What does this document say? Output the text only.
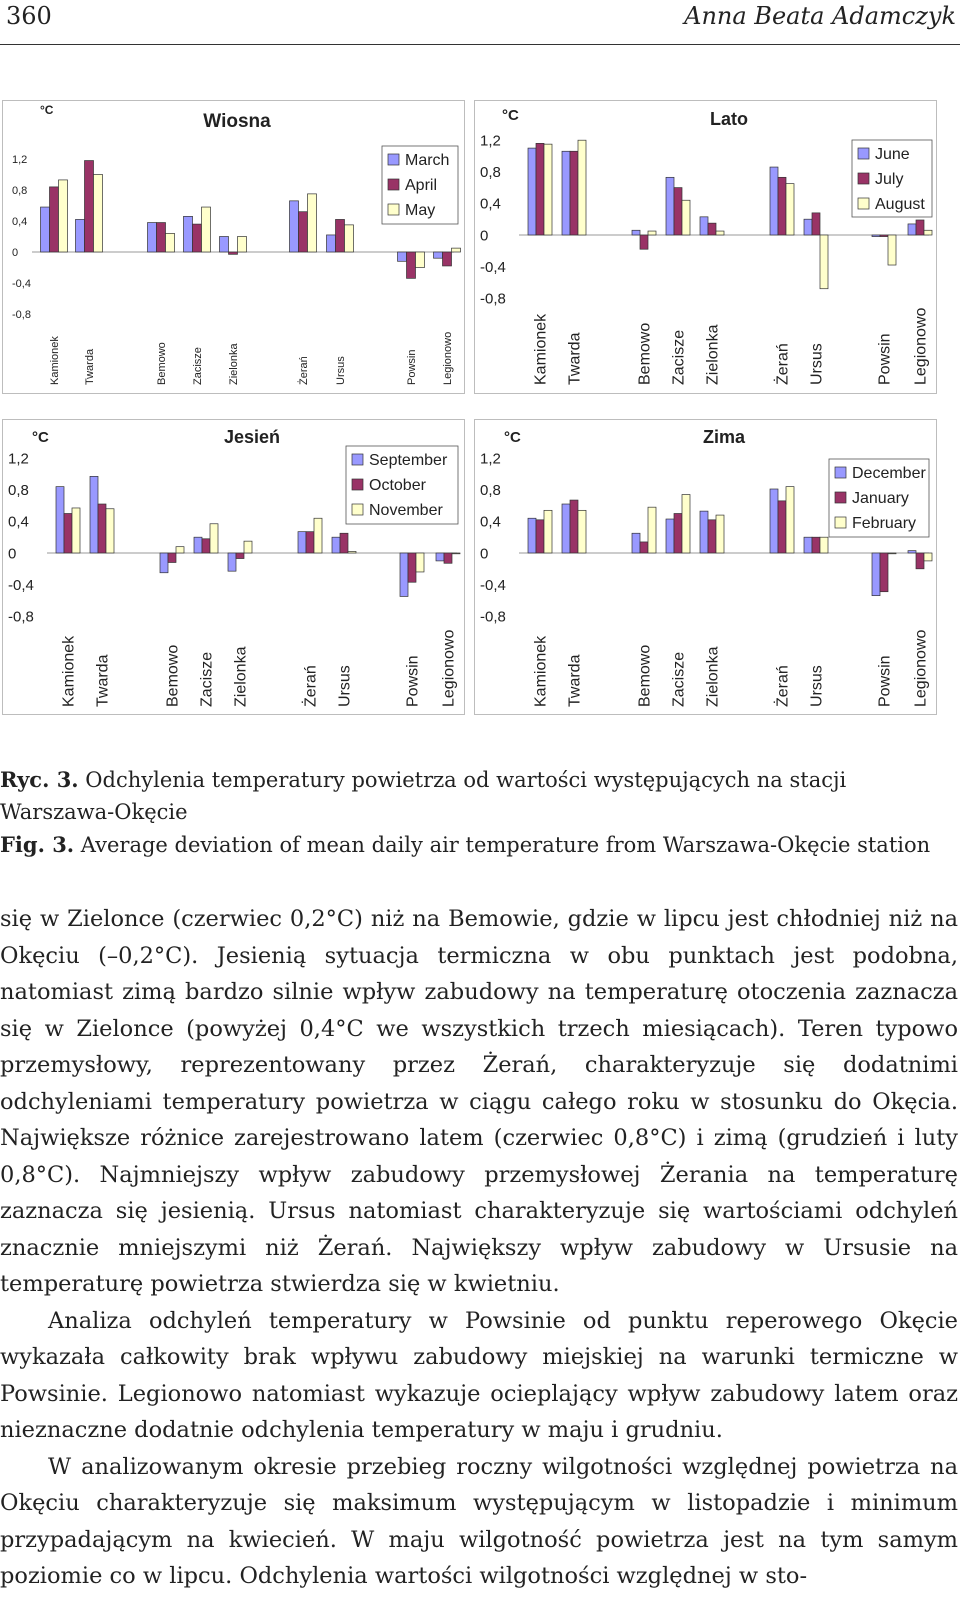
360	Anna Beata Adamczyk
Wiosna
°C
1,2
0,8
0,4
0
-0,4
-0,8
Kamionek Twarda	Bemowo Zacisze Zielonka	Żerań Ursus	Powsin Legionowo
March
April
May
Lato
°C
1,2
0,8
0,4
0
-0,4
-0,8
Kamionek Twarda	Bemowo Zacisze Zielonka	Żerań Ursus	Powsin Legionowo
June
July
August
Jesień
°C
1,2
0,8
0,4
0
-0,4
-0,8
Kamionek Twarda	Bemowo Zacisze Zielonka	Żerań Ursus	Powsin Legionowo
September
October
November
Zima
°C
1,2
0,8
0,4
0
-0,4
-0,8
Kamionek Twarda	Bemowo Zacisze Zielonka	Żerań Ursus	Powsin Legionowo
December
January
February
Ryc. 3. Odchylenia temperatury powietrza od wartości występujących na stacji Warszawa-Okęcie
Fig. 3. Average deviation of mean daily air temperature from Warszawa-Okęcie station

się w Zielonce (czerwiec 0,2°C) niż na Bemowie, gdzie w lipcu jest chłodniej niż na Okęciu (–0,2°C). Jesienią sytuacja termiczna w obu punktach jest podobna, natomiast zimą bardzo silnie wpływ zabudowy na temperaturę otoczenia zaznacza się w Zielonce (powyżej 0,4°C we wszystkich trzech miesiącach). Teren typowo przemysłowy, reprezentowany przez Żerań, charakteryzuje się dodatnimi odchyleniami temperatury powietrza w ciągu całego roku w stosunku do Okęcia. Największe różnice zarejestrowano latem (czerwiec 0,8°C) i zimą (grudzień i luty 0,8°C). Najmniejszy wpływ zabudowy przemysłowej Żerania na temperaturę zaznacza się jesienią. Ursus natomiast charakteryzuje się wartościami odchyleń znacznie mniejszymi niż Żerań. Największy wpływ zabudowy w Ursusie na temperaturę powietrza stwierdza się w kwietniu.

Analiza odchyleń temperatury w Powsinie od punktu reperowego Okęcie wykazała całkowity brak wpływu zabudowy miejskiej na warunki termiczne w Powsinie. Legionowo natomiast wykazuje ocieplający wpływ zabudowy latem oraz nieznaczne dodatnie odchylenia temperatury w maju i grudniu.

W analizowanym okresie przebieg roczny wilgotności względnej powietrza na Okęciu charakteryzuje się maksimum występującym w listopadzie i minimum przypadającym na kwiecień. W maju wilgotność powietrza jest na tym samym poziomie co w lipcu. Odchylenia wartości wilgotności względnej w sto-
